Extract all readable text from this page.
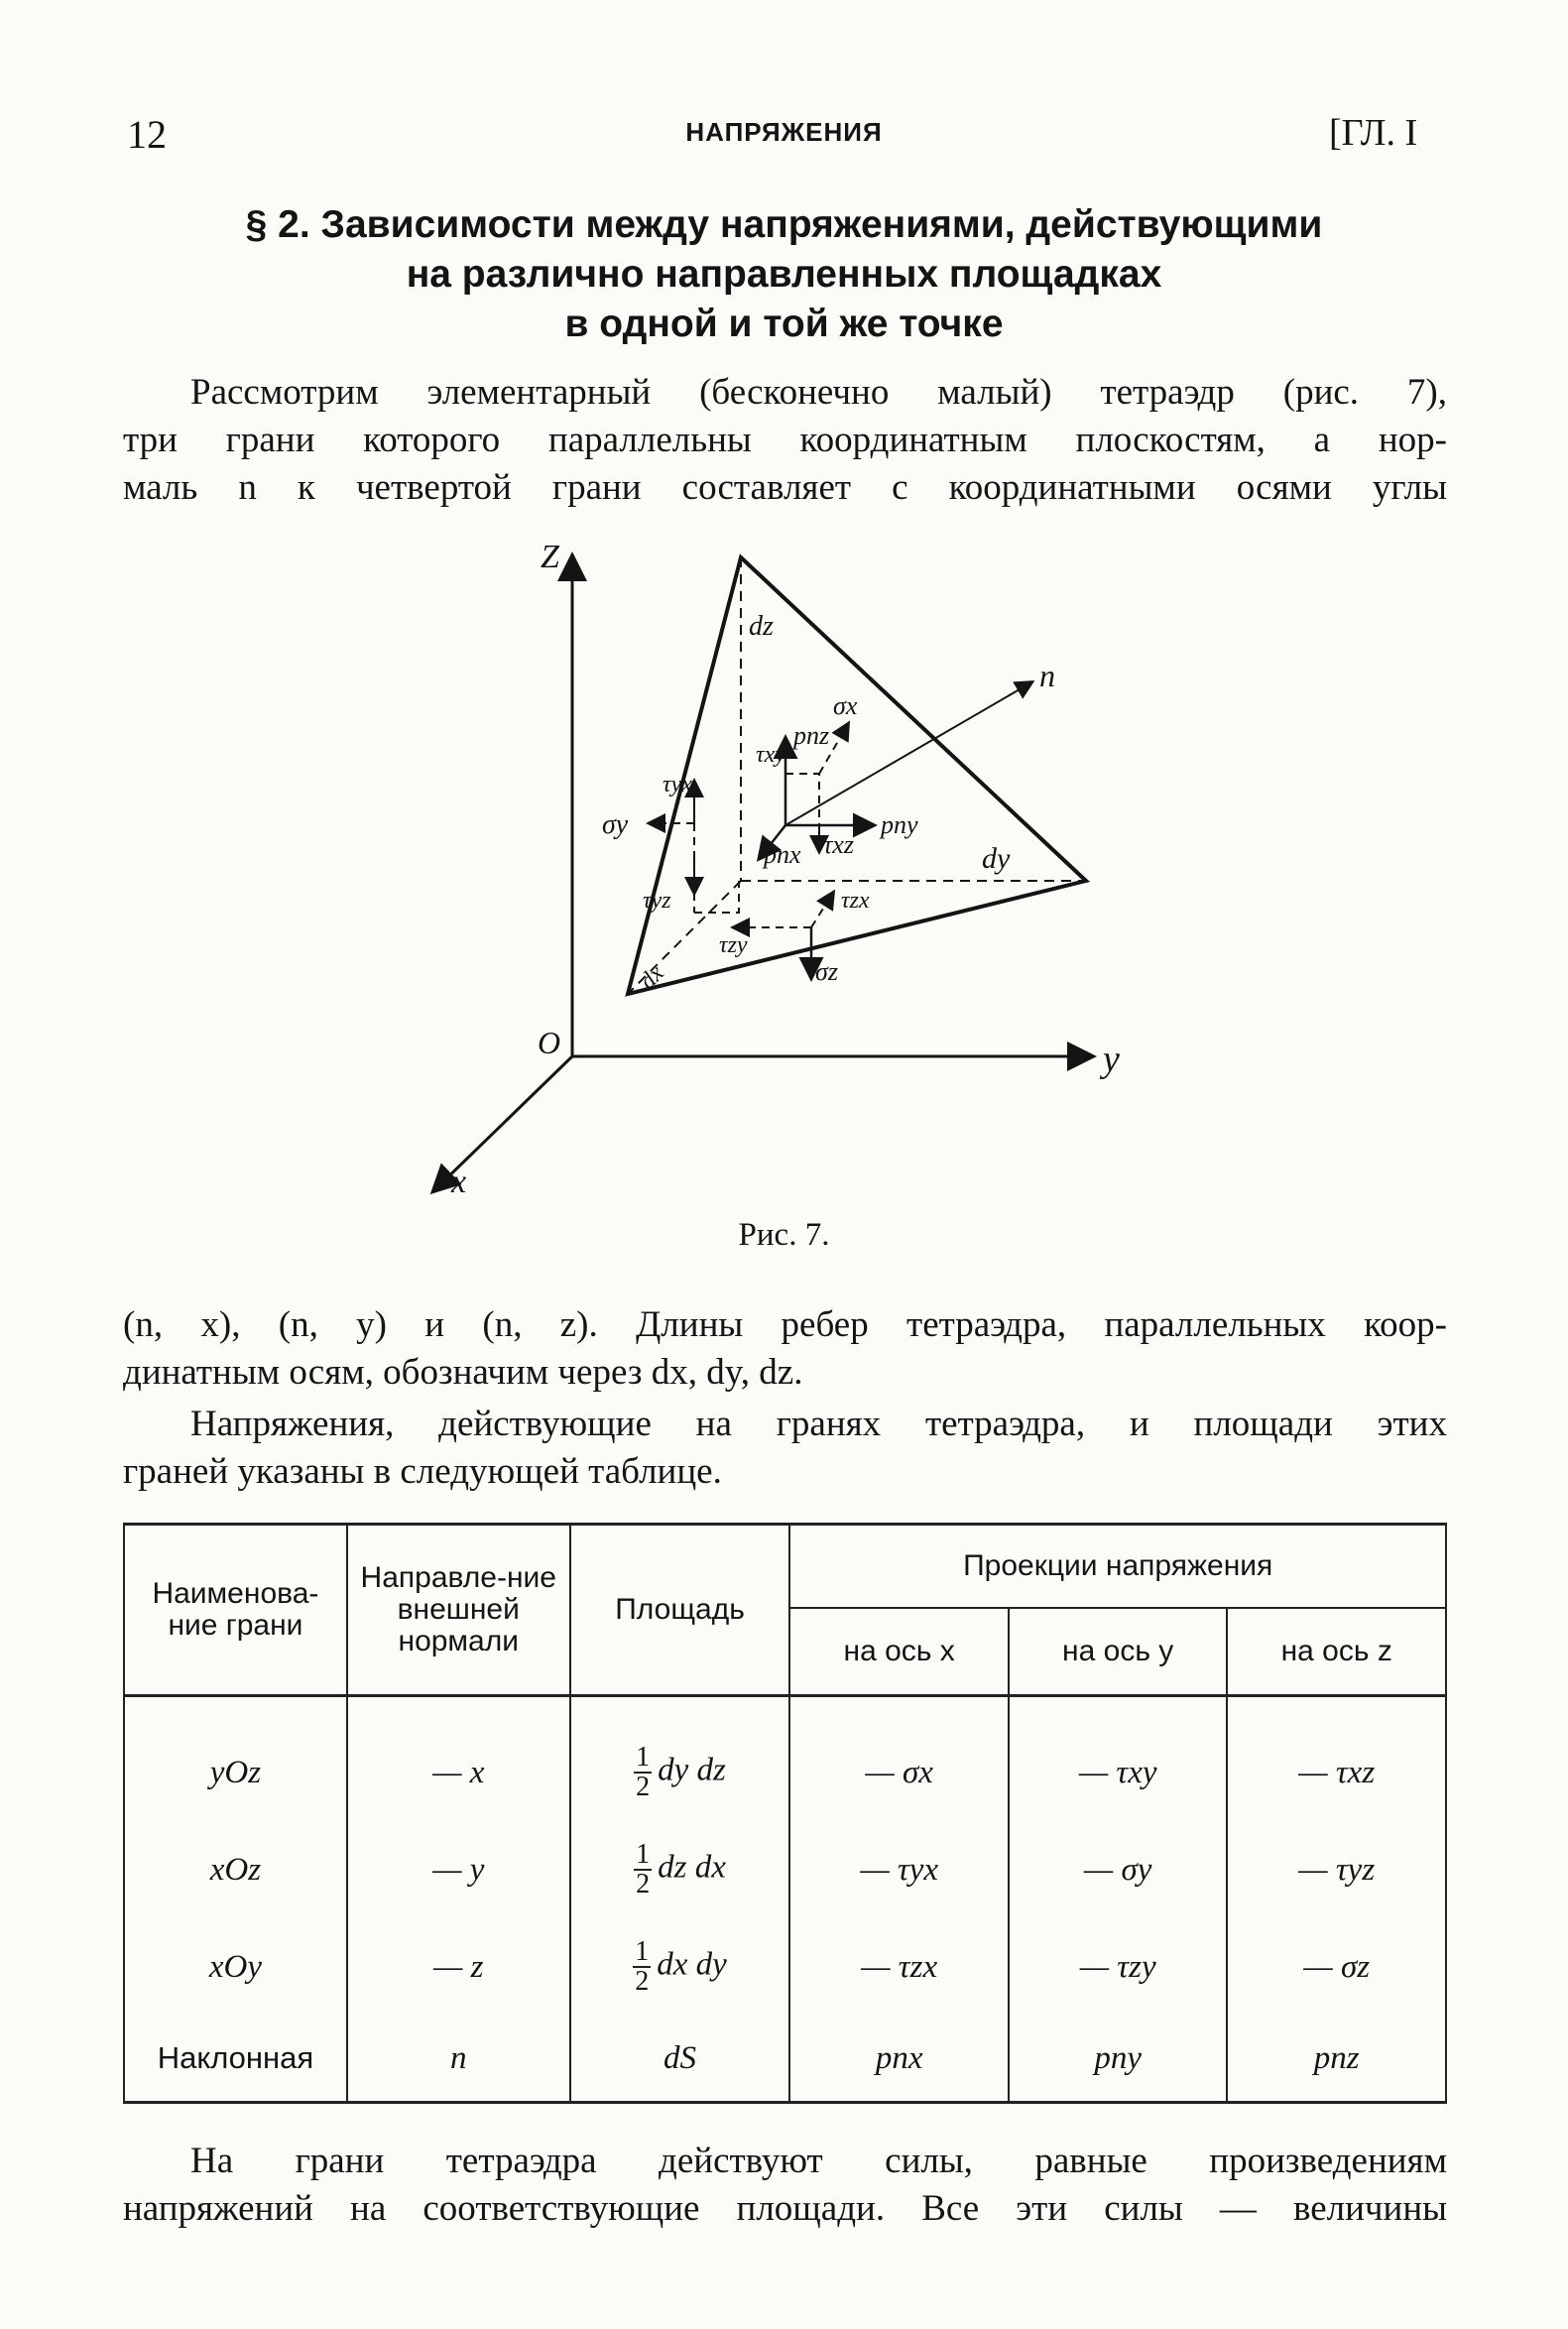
12	НАПРЯЖЕНИЯ	[ГЛ. I
§ 2. Зависимости между напряжениями, действующими
на различно направленных площадках
в одной и той же точке
Рассмотрим элементарный (бесконечно малый) тетраэдр (рис. 7),
три грани которого параллельны координатным плоскостям, а нор-
маль n к четвертой грани составляет с координатными осями углы
Z
y
x
O
dz
dy
dx
n
pnz
pny
pnx
σx
τxy
τxz
σy
τyx
τyz	τzx
τzy
σz
Рис. 7.
(n, x), (n, y) и (n, z). Длины ребер тетраэдра, параллельных коор-
динатным осям, обозначим через dx, dy, dz.
Напряжения, действующие на гранях тетраэдра, и площади этих
граней указаны в следующей таблице.
Наименова-ние грани	Направле-ние внешней нормали	Площадь	Проекции напряжения		
			на ось x	на ось y	на ось z
yOz	— x	$\frac{1}{2}$ dy dz	— σx	— τxy	— τxz
xOz	— y	$\frac{1}{2}$ dz dx	— τyx	— σy	— τyz
xOy	— z	$\frac{1}{2}$ dx dy	— τzx	— τzy	— σz
Наклонная	n	dS	pnx	pny	pnz
На грани тетраэдра действуют силы, равные произведениям
напряжений на соответствующие площади. Все эти силы — величины
